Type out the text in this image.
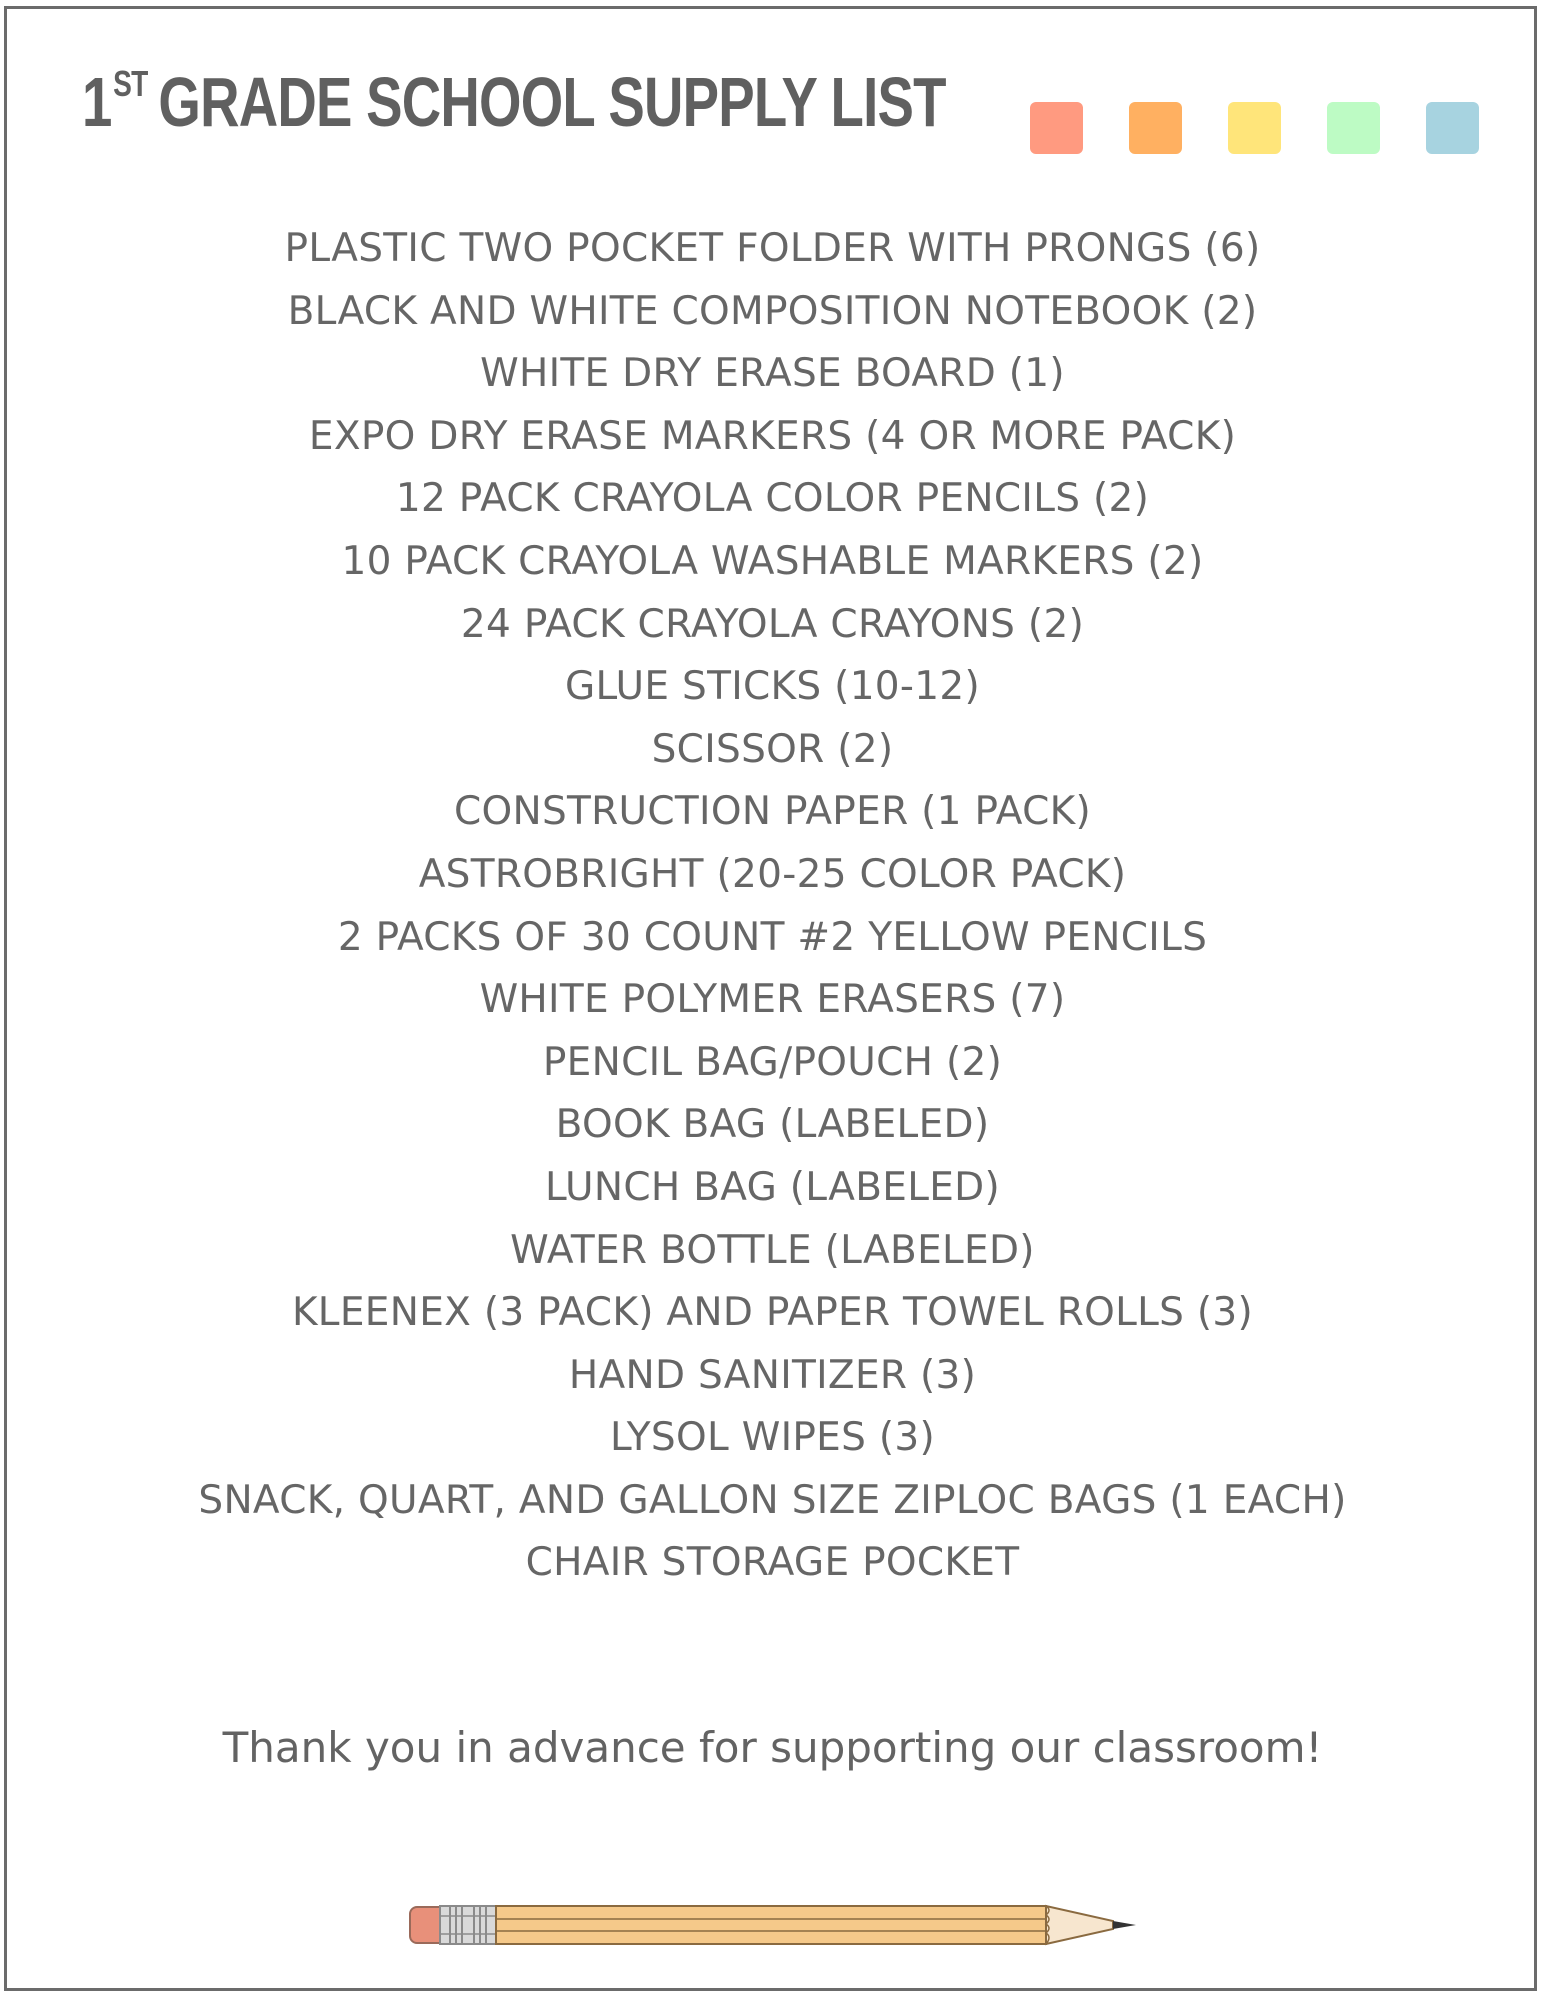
1ST GRADE SCHOOL SUPPLY LIST
PLASTIC TWO POCKET FOLDER WITH PRONGS (6)
BLACK AND WHITE COMPOSITION NOTEBOOK (2)
WHITE DRY ERASE BOARD (1)
EXPO DRY ERASE MARKERS (4 OR MORE PACK)
12 PACK CRAYOLA COLOR PENCILS (2)
10 PACK CRAYOLA WASHABLE MARKERS (2)
24 PACK CRAYOLA CRAYONS (2)
GLUE STICKS (10-12)
SCISSOR (2)
CONSTRUCTION PAPER (1 PACK)
ASTROBRIGHT (20-25 COLOR PACK)
2 PACKS OF 30 COUNT #2 YELLOW PENCILS
WHITE POLYMER ERASERS (7)
PENCIL BAG/POUCH (2)
BOOK BAG (LABELED)
LUNCH BAG (LABELED)
WATER BOTTLE (LABELED)
KLEENEX (3 PACK) AND PAPER TOWEL ROLLS (3)
HAND SANITIZER (3)
LYSOL WIPES (3)
SNACK, QUART, AND GALLON SIZE ZIPLOC BAGS (1 EACH)
CHAIR STORAGE POCKET

Thank you in advance for supporting our classroom!
